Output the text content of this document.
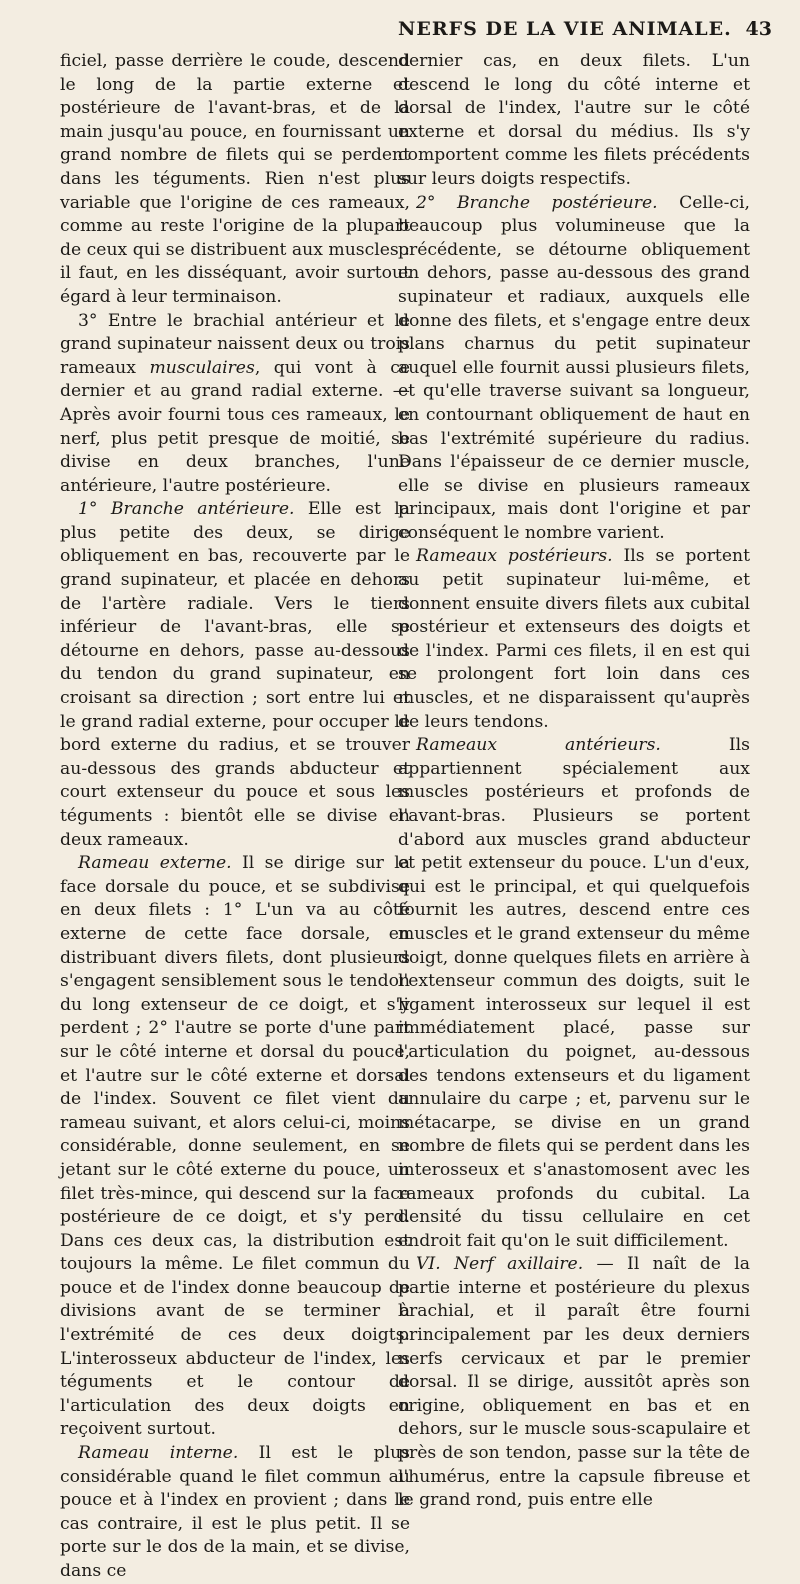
NERFS DE LA VIE ANIMALE. 43

ficiel, passe derrière le coude, descend le long de la partie externe et postérieure de l'avant-bras, et de la main jusqu'au pouce, en fournissant un grand nombre de filets qui se perdent dans les téguments. Rien n'est plus variable que l'origine de ces rameaux, comme au reste l'origine de la plupart de ceux qui se distribuent aux muscles : il faut, en les disséquant, avoir surtout égard à leur terminaison.

3° Entre le brachial antérieur et le grand supinateur naissent deux ou trois rameaux musculaires, qui vont à ce dernier et au grand radial externe. — Après avoir fourni tous ces rameaux, le nerf, plus petit presque de moitié, se divise en deux branches, l'une antérieure, l'autre postérieure.

1° Branche antérieure. Elle est la plus petite des deux, se dirige obliquement en bas, recouverte par le grand supinateur, et placée en dehors de l'artère radiale. Vers le tiers inférieur de l'avant-bras, elle se détourne en dehors, passe au-dessous du tendon du grand supinateur, en croisant sa direction ; sort entre lui et le grand radial externe, pour occuper le bord externe du radius, et se trouver au-dessous des grands abducteur et court extenseur du pouce et sous les téguments : bientôt elle se divise en deux rameaux.

Rameau externe. Il se dirige sur la face dorsale du pouce, et se subdivise en deux filets : 1° L'un va au côté externe de cette face dorsale, en distribuant divers filets, dont plusieurs s'engagent sensiblement sous le tendon du long extenseur de ce doigt, et s'y perdent ; 2° l'autre se porte d'une part sur le côté interne et dorsal du pouce, et l'autre sur le côté externe et dorsal de l'index. Souvent ce filet vient du rameau suivant, et alors celui-ci, moins considérable, donne seulement, en se jetant sur le côté externe du pouce, un filet très-mince, qui descend sur la face postérieure de ce doigt, et s'y perd. Dans ces deux cas, la distribution est toujours la même. Le filet commun du pouce et de l'index donne beaucoup de divisions avant de se terminer à l'extrémité de ces deux doigts. L'interosseux abducteur de l'index, les téguments et le contour de l'articulation des deux doigts en reçoivent surtout.

Rameau interne. Il est le plus considérable quand le filet commun au pouce et à l'index en provient ; dans le cas contraire, il est le plus petit. Il se porte sur le dos de la main, et se divise, dans ce

dernier cas, en deux filets. L'un descend le long du côté interne et dorsal de l'index, l'autre sur le côté externe et dorsal du médius. Ils s'y comportent comme les filets précédents sur leurs doigts respectifs.

2° Branche postérieure. Celle-ci, beaucoup plus volumineuse que la précédente, se détourne obliquement en dehors, passe au-dessous des grand supinateur et radiaux, auxquels elle donne des filets, et s'engage entre deux plans charnus du petit supinateur auquel elle fournit aussi plusieurs filets, et qu'elle traverse suivant sa longueur, en contournant obliquement de haut en bas l'extrémité supérieure du radius. Dans l'épaisseur de ce dernier muscle, elle se divise en plusieurs rameaux principaux, mais dont l'origine et par conséquent le nombre varient.

Rameaux postérieurs. Ils se portent au petit supinateur lui-même, et donnent ensuite divers filets aux cubital postérieur et extenseurs des doigts et de l'index. Parmi ces filets, il en est qui se prolongent fort loin dans ces muscles, et ne disparaissent qu'auprès de leurs tendons.

Rameaux antérieurs. Ils appartiennent spécialement aux muscles postérieurs et profonds de l'avant-bras. Plusieurs se portent d'abord aux muscles grand abducteur et petit extenseur du pouce. L'un d'eux, qui est le principal, et qui quelquefois fournit les autres, descend entre ces muscles et le grand extenseur du même doigt, donne quelques filets en arrière à l'extenseur commun des doigts, suit le ligament interosseux sur lequel il est immédiatement placé, passe sur l'articulation du poignet, au-dessous des tendons extenseurs et du ligament annulaire du carpe ; et, parvenu sur le métacarpe, se divise en un grand nombre de filets qui se perdent dans les interosseux et s'anastomosent avec les rameaux profonds du cubital. La densité du tissu cellulaire en cet endroit fait qu'on le suit difficilement.

VI. Nerf axillaire. — Il naît de la partie interne et postérieure du plexus brachial, et il paraît être fourni principalement par les deux derniers nerfs cervicaux et par le premier dorsal. Il se dirige, aussitôt après son origine, obliquement en bas et en dehors, sur le muscle sous-scapulaire et près de son tendon, passe sur la tête de l'humérus, entre la capsule fibreuse et le grand rond, puis entre elle
